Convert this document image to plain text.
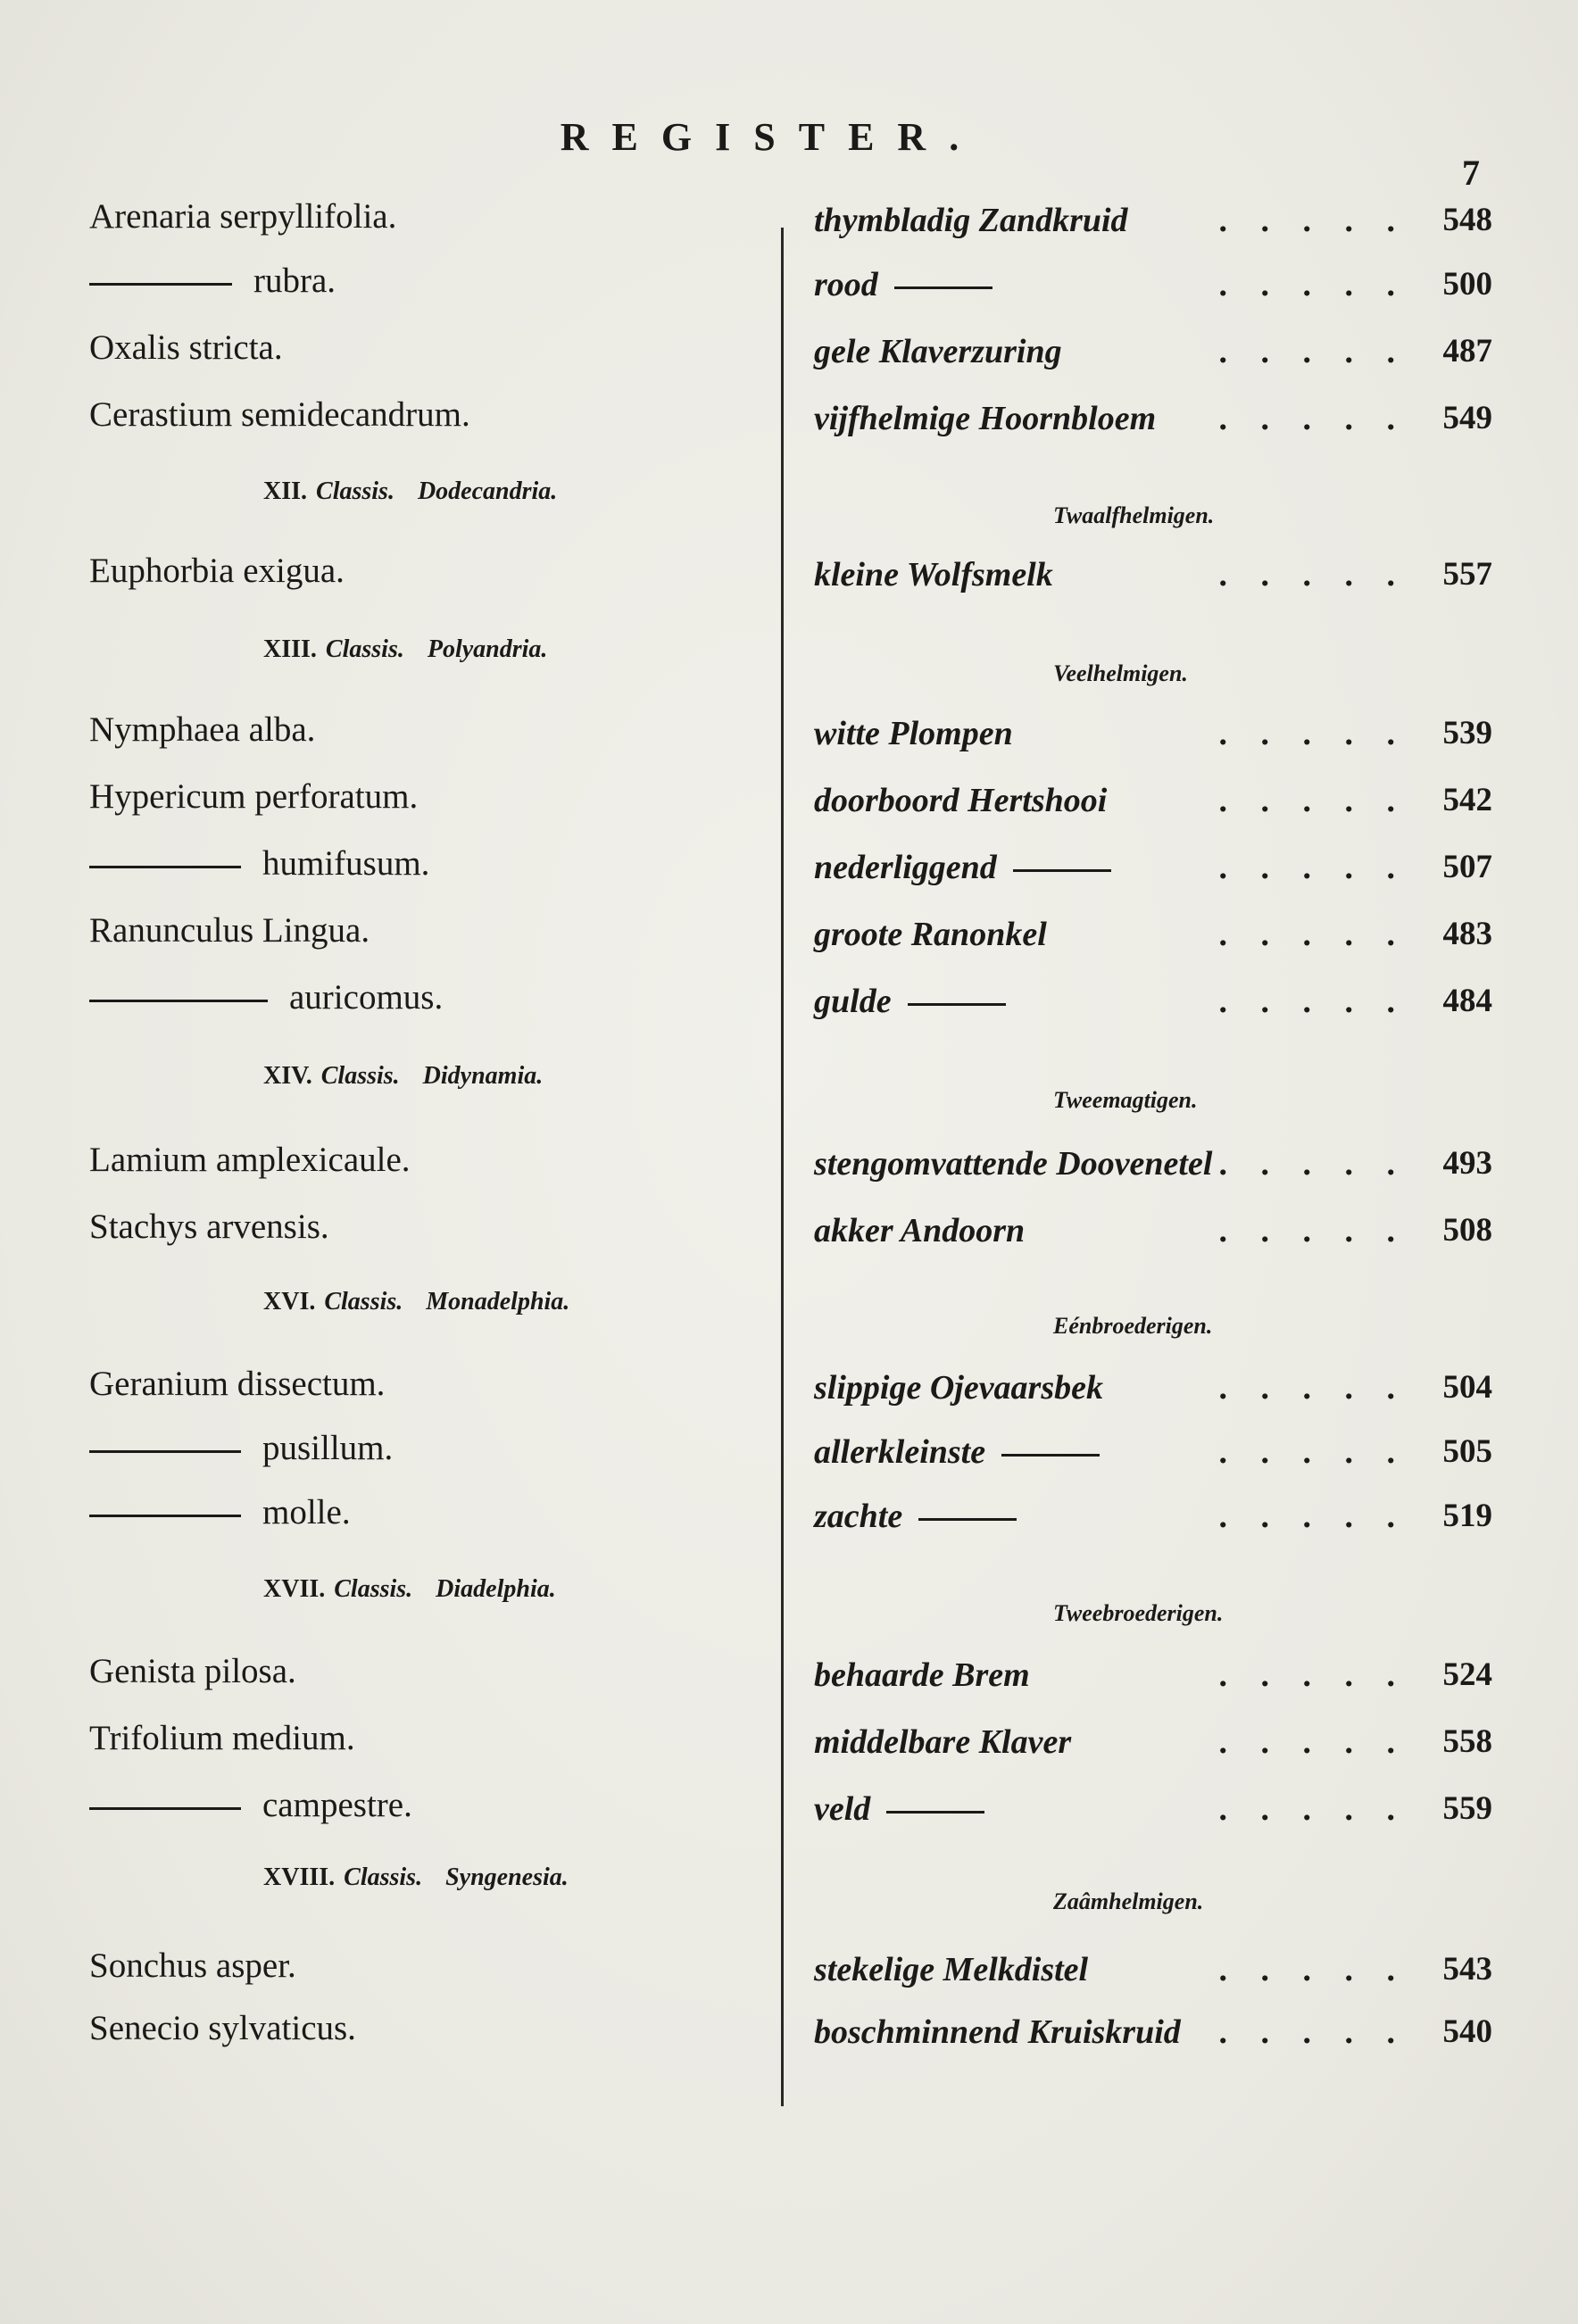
REGISTER.
7
Arenaria serpyllifolia.	thymbladig Zandkruid	. . . . . 548
rubra.	rood	. . . . . 500
Oxalis stricta.	gele Klaverzuring	. . . . . 487
Cerastium semidecandrum.	vijfhelmige Hoornbloem . . . . . 549
XII. Classis. Dodecandria.
Twaalfhelmigen.
Euphorbia exigua.	kleine Wolfsmelk	. . . . . 557
XIII. Classis. Polyandria.
Veelhelmigen.
Nymphaea alba.	witte Plompen	. . . . . 539
Hypericum perforatum.	doorboord Hertshooi	. . . . . 542
humifusum.	nederliggend	. . . . . 507
Ranunculus Lingua.	groote Ranonkel	. . . . . 483
auricomus.	gulde	. . . . . 484
XIV. Classis. Didynamia.
Tweemagtigen.
Lamium amplexicaule.	stengomvattende Doovenetel . . . . . 493
Stachys arvensis.	akker Andoorn	. . . . . 508
XVI. Classis. Monadelphia.
Eénbroederigen.
Geranium dissectum.	slippige Ojevaarsbek	. . . . . 504
pusillum.	allerkleinste	. . . . . 505
molle.	zachte	. . . . . 519
XVII. Classis. Diadelphia.
Tweebroederigen.
Genista pilosa.	behaarde Brem	. . . . . 524
Trifolium medium.	middelbare Klaver	. . . . . 558
campestre.	veld	. . . . . 559
XVIII. Classis. Syngenesia.
Zaâmhelmigen.
Sonchus asper.	stekelige Melkdistel	. . . . . 543
Senecio sylvaticus.	boschminnend Kruiskruid . . . . . 540
